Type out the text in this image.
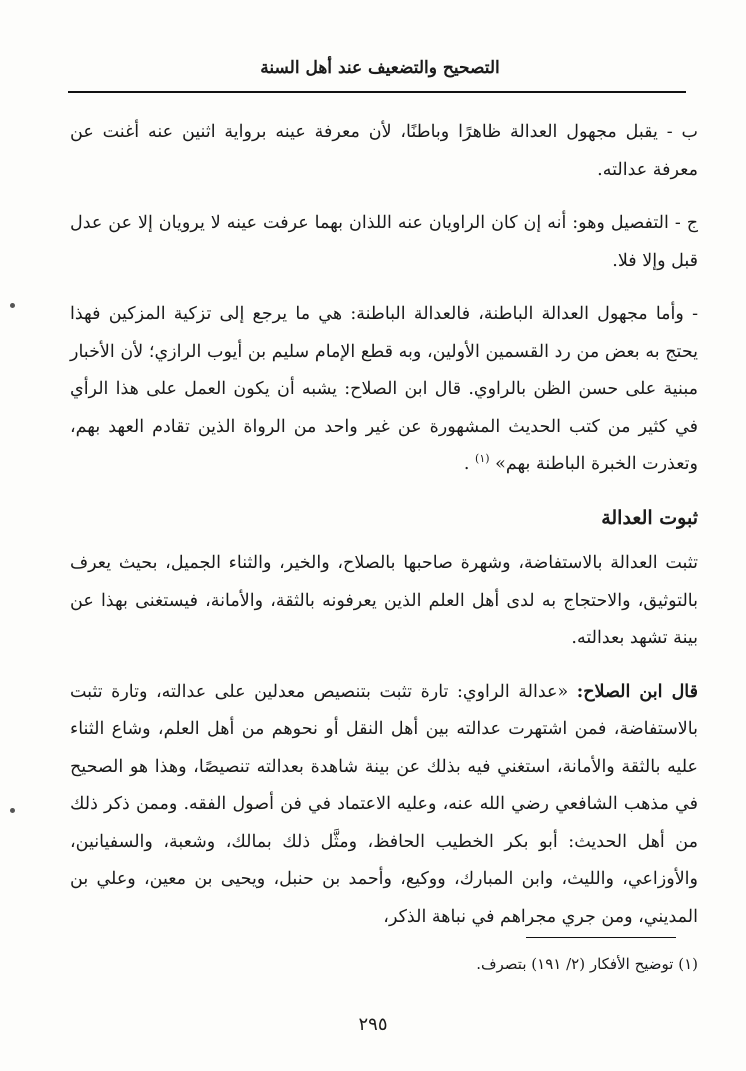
التصحيح والتضعيف عند أهل السنة

ب - يقبل مجهول العدالة ظاهرًا وباطنًا، لأن معرفة عينه برواية اثنين عنه أغنت عن معرفة عدالته.

ج - التفصيل وهو: أنه إن كان الراويان عنه اللذان بهما عرفت عينه لا يرويان إلا عن عدل قبل وإلا فلا.

- وأما مجهول العدالة الباطنة، فالعدالة الباطنة: هي ما يرجع إلى تزكية المزكين فهذا يحتج به بعض من رد القسمين الأولين، وبه قطع الإمام سليم بن أيوب الرازي؛ لأن الأخبار مبنية على حسن الظن بالراوي. قال ابن الصلاح: يشبه أن يكون العمل على هذا الرأي في كثير من كتب الحديث المشهورة عن غير واحد من الرواة الذين تقادم العهد بهم، وتعذرت الخبرة الباطنة بهم» $^{(١)}$ .

ثبوت العدالة

تثبت العدالة بالاستفاضة، وشهرة صاحبها بالصلاح، والخير، والثناء الجميل، بحيث يعرف بالتوثيق، والاحتجاج به لدى أهل العلم الذين يعرفونه بالثقة، والأمانة، فيستغنى بهذا عن بينة تشهد بعدالته.

قال ابن الصلاح: «عدالة الراوي: تارة تثبت بتنصيص معدلين على عدالته، وتارة تثبت بالاستفاضة، فمن اشتهرت عدالته بين أهل النقل أو نحوهم من أهل العلم، وشاع الثناء عليه بالثقة والأمانة، استغني فيه بذلك عن بينة شاهدة بعدالته تنصيصًا، وهذا هو الصحيح في مذهب الشافعي رضي الله عنه، وعليه الاعتماد في فن أصول الفقه. وممن ذكر ذلك من أهل الحديث: أبو بكر الخطيب الحافظ، ومثَّل ذلك بمالك، وشعبة، والسفيانين، والأوزاعي، والليث، وابن المبارك، ووكيع، وأحمد بن حنبل، ويحيى بن معين، وعلي بن المديني، ومن جري مجراهم في نباهة الذكر،

(١) توضيح الأفكار (٢/ ١٩١) بتصرف.
٢٩٥
